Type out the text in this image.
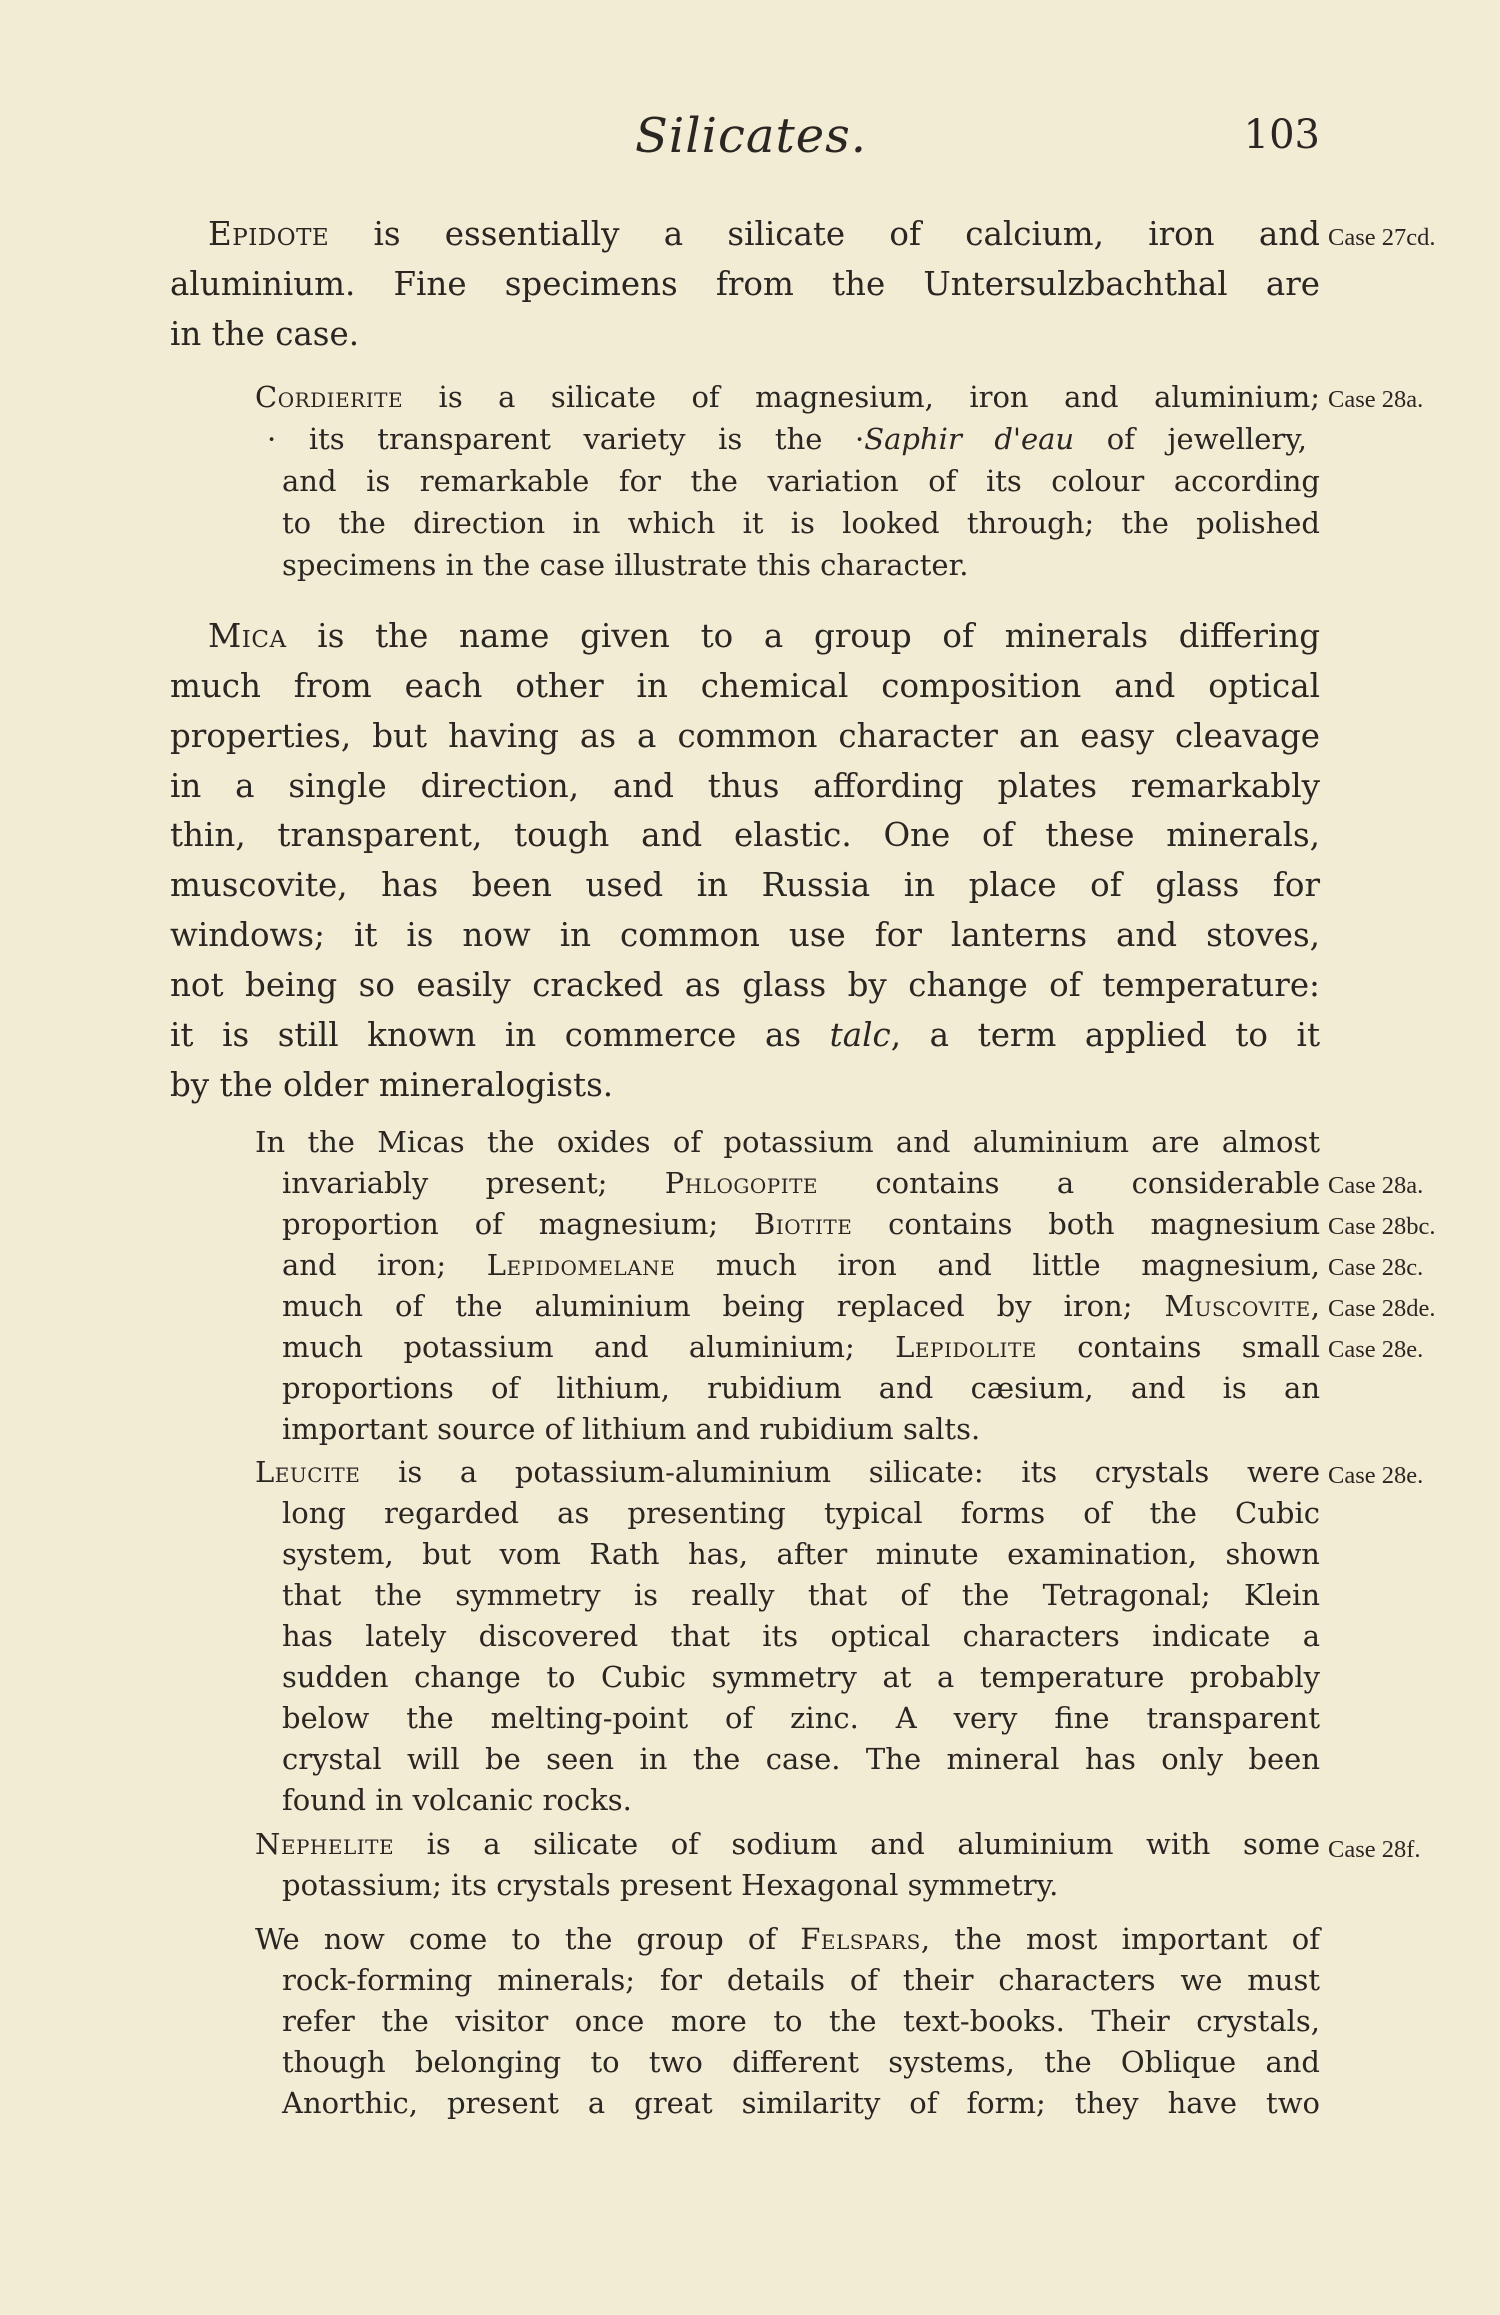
Silicates.	103
Epidote is essentially a silicate of calcium, iron and
aluminium. Fine specimens from the Untersulzbachthal are
in the case.
Cordierite is a silicate of magnesium, iron and aluminium;
· its transparent variety is the ·Saphir d'eau of jewellery,
and is remarkable for the variation of its colour according
to the direction in which it is looked through; the polished
specimens in the case illustrate this character.
Mica is the name given to a group of minerals differing
much from each other in chemical composition and optical
properties, but having as a common character an easy cleavage
in a single direction, and thus affording plates remarkably
thin, transparent, tough and elastic. One of these minerals,
muscovite, has been used in Russia in place of glass for
windows; it is now in common use for lanterns and stoves,
not being so easily cracked as glass by change of temperature:
it is still known in commerce as talc, a term applied to it
by the older mineralogists.
In the Micas the oxides of potassium and aluminium are almost
invariably present; Phlogopite contains a considerable
proportion of magnesium; Biotite contains both magnesium
and iron; Lepidomelane much iron and little magnesium,
much of the aluminium being replaced by iron; Muscovite,
much potassium and aluminium; Lepidolite contains small
proportions of lithium, rubidium and cæsium, and is an
important source of lithium and rubidium salts.
Leucite is a potassium-aluminium silicate: its crystals were
long regarded as presenting typical forms of the Cubic
system, but vom Rath has, after minute examination, shown
that the symmetry is really that of the Tetragonal; Klein
has lately discovered that its optical characters indicate a
sudden change to Cubic symmetry at a temperature probably
below the melting-point of zinc. A very fine transparent
crystal will be seen in the case. The mineral has only been
found in volcanic rocks.
Nephelite is a silicate of sodium and aluminium with some
potassium; its crystals present Hexagonal symmetry.
We now come to the group of Felspars, the most important of
rock-forming minerals; for details of their characters we must
refer the visitor once more to the text-books. Their crystals,
though belonging to two different systems, the Oblique and
Anorthic, present a great similarity of form; they have two
Case 27cd.
Case 28a.
Case 28a.
Case 28bc.
Case 28c.
Case 28de.
Case 28e.
Case 28e.
Case 28f.
